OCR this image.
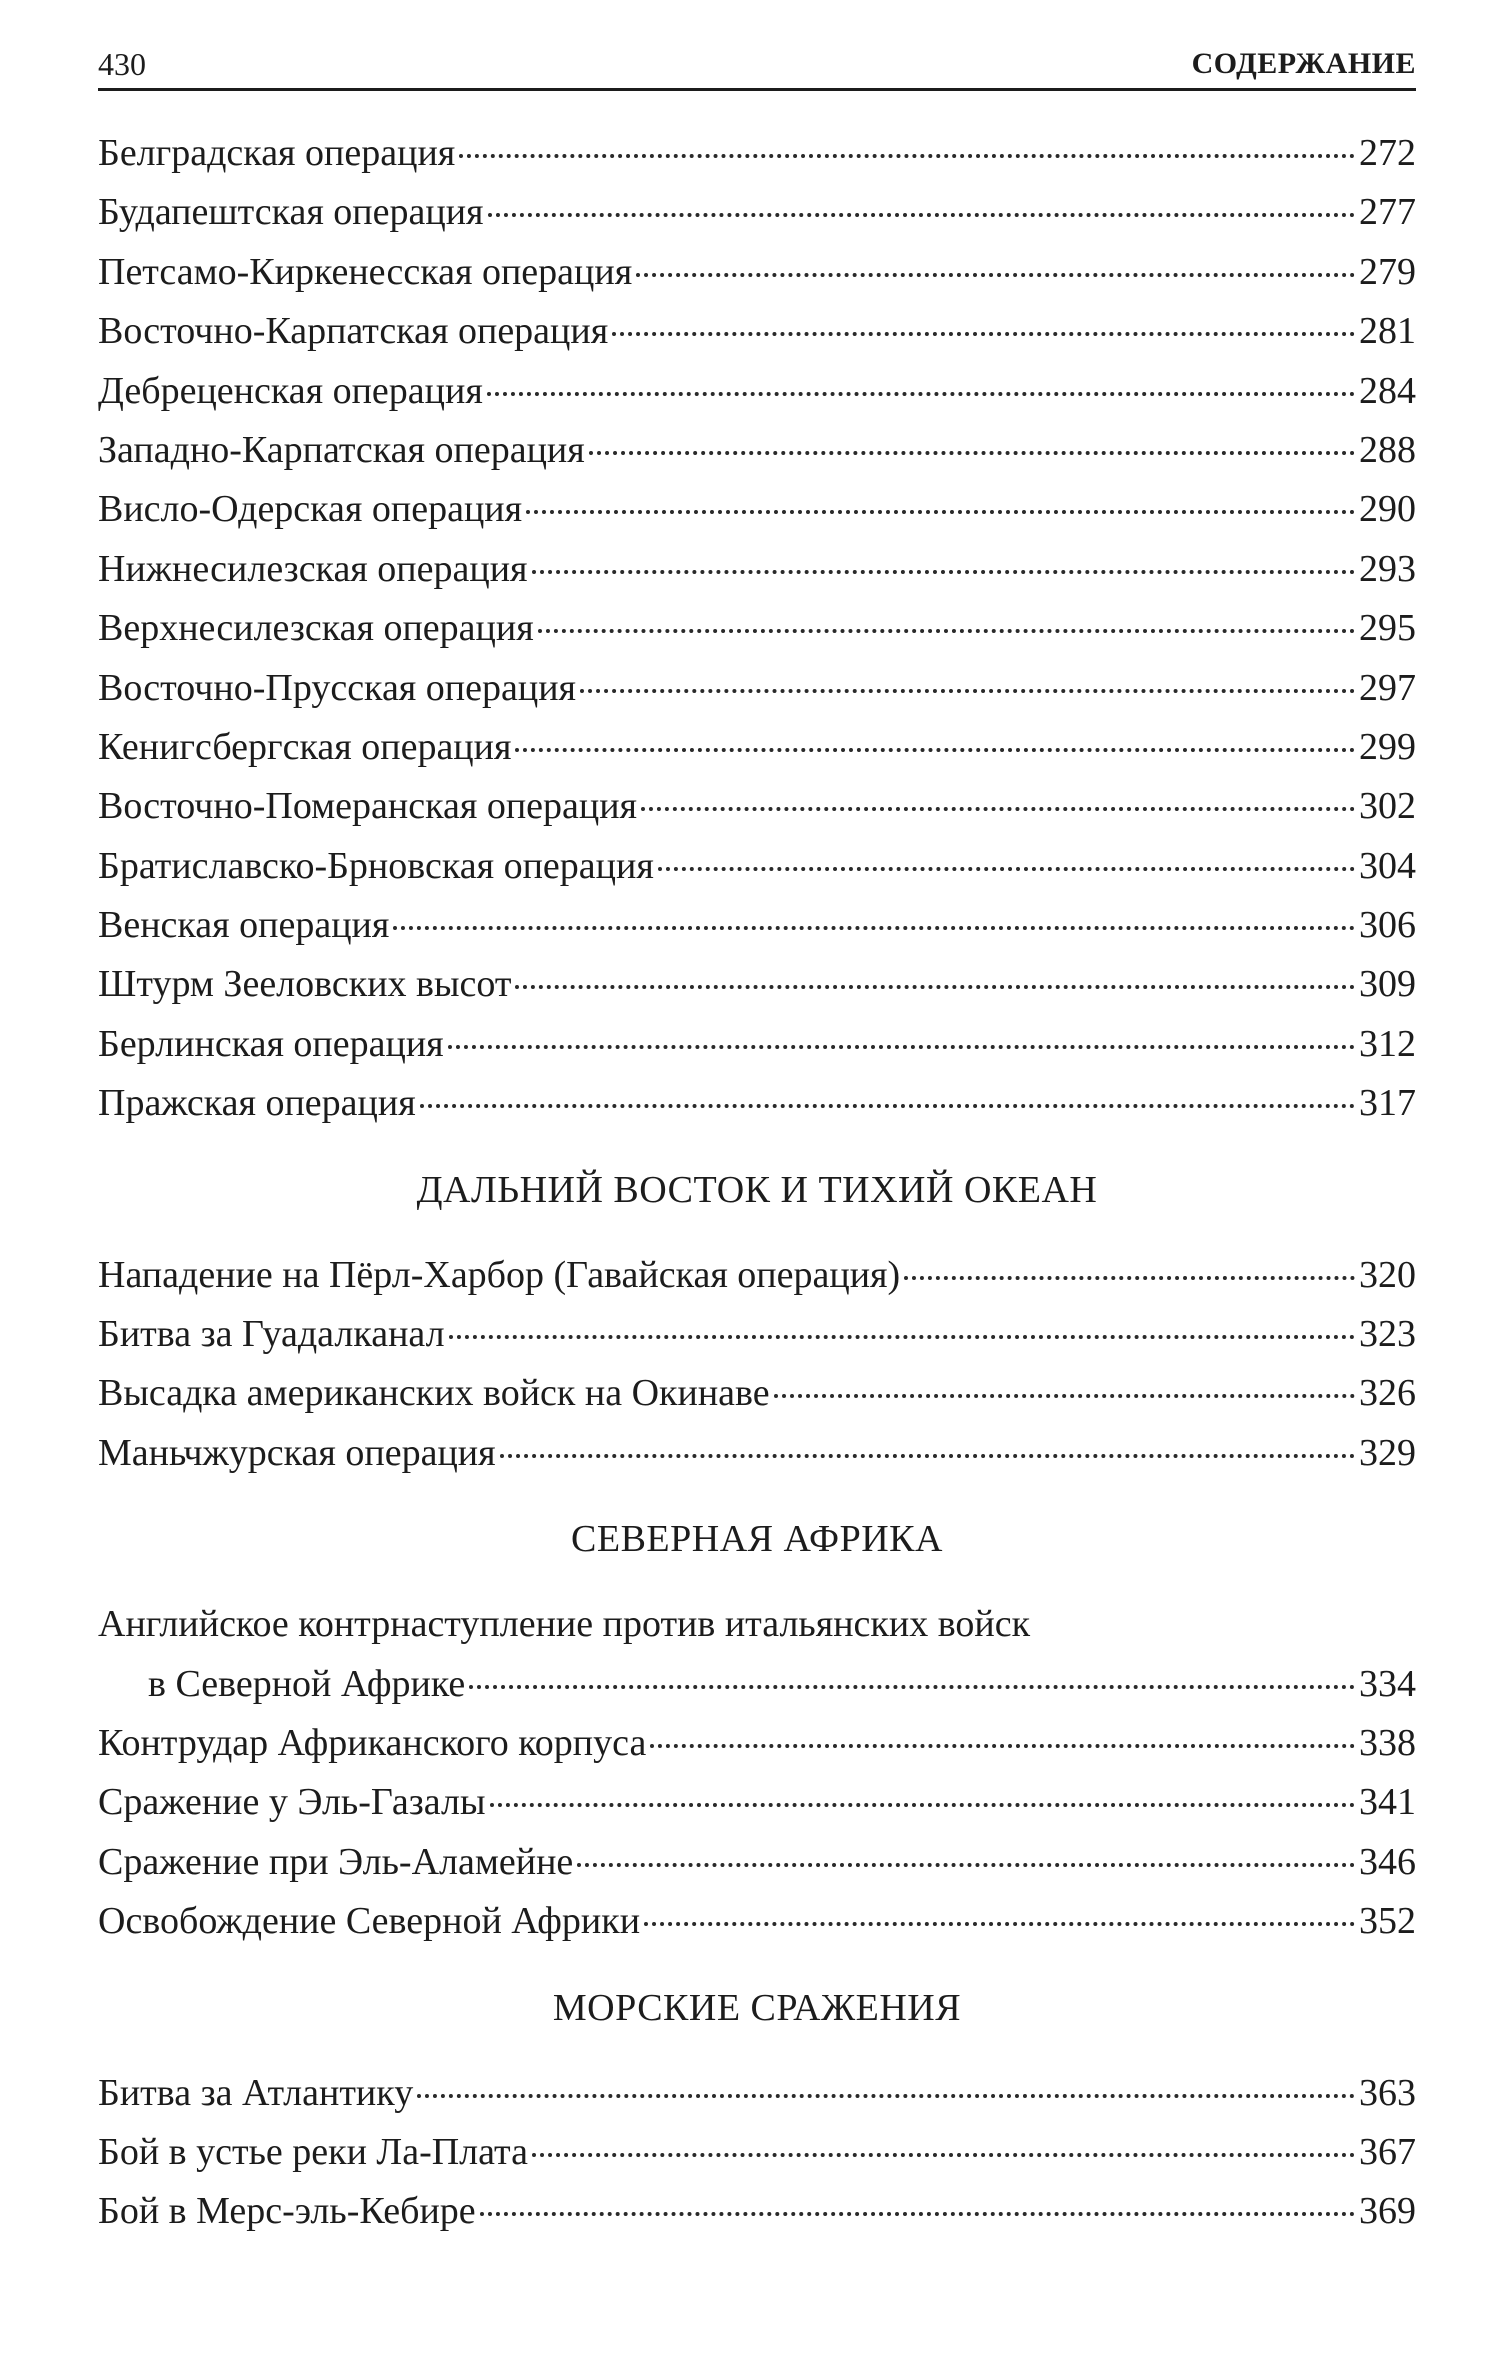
430	СОДЕРЖАНИЕ
Белградская операция	272
Будапештская операция	277
Петсамо-Киркенесская операция	279
Восточно-Карпатская операция	281
Дебреценская операция	284
Западно-Карпатская операция	288
Висло-Одерская операция	290
Нижнесилезская операция	293
Верхнесилезская операция	295
Восточно-Прусская операция	297
Кенигсбергская операция	299
Восточно-Померанская операция	302
Братиславско-Брновская операция	304
Венская операция	306
Штурм Зееловских высот	309
Берлинская операция	312
Пражская операция	317
ДАЛЬНИЙ ВОСТОК И ТИХИЙ ОКЕАН
Нападение на Пёрл-Харбор (Гавайская операция)	320
Битва за Гуадалканал	323
Высадка американских войск на Окинаве	326
Маньчжурская операция	329
СЕВЕРНАЯ АФРИКА
Английское контрнаступление против итальянских войск
в Северной Африке	334
Контрудар Африканского корпуса	338
Сражение у Эль-Газалы	341
Сражение при Эль-Аламейне	346
Освобождение Северной Африки	352
МОРСКИЕ СРАЖЕНИЯ
Битва за Атлантику	363
Бой в устье реки Ла-Плата	367
Бой в Мерс-эль-Кебире	369
